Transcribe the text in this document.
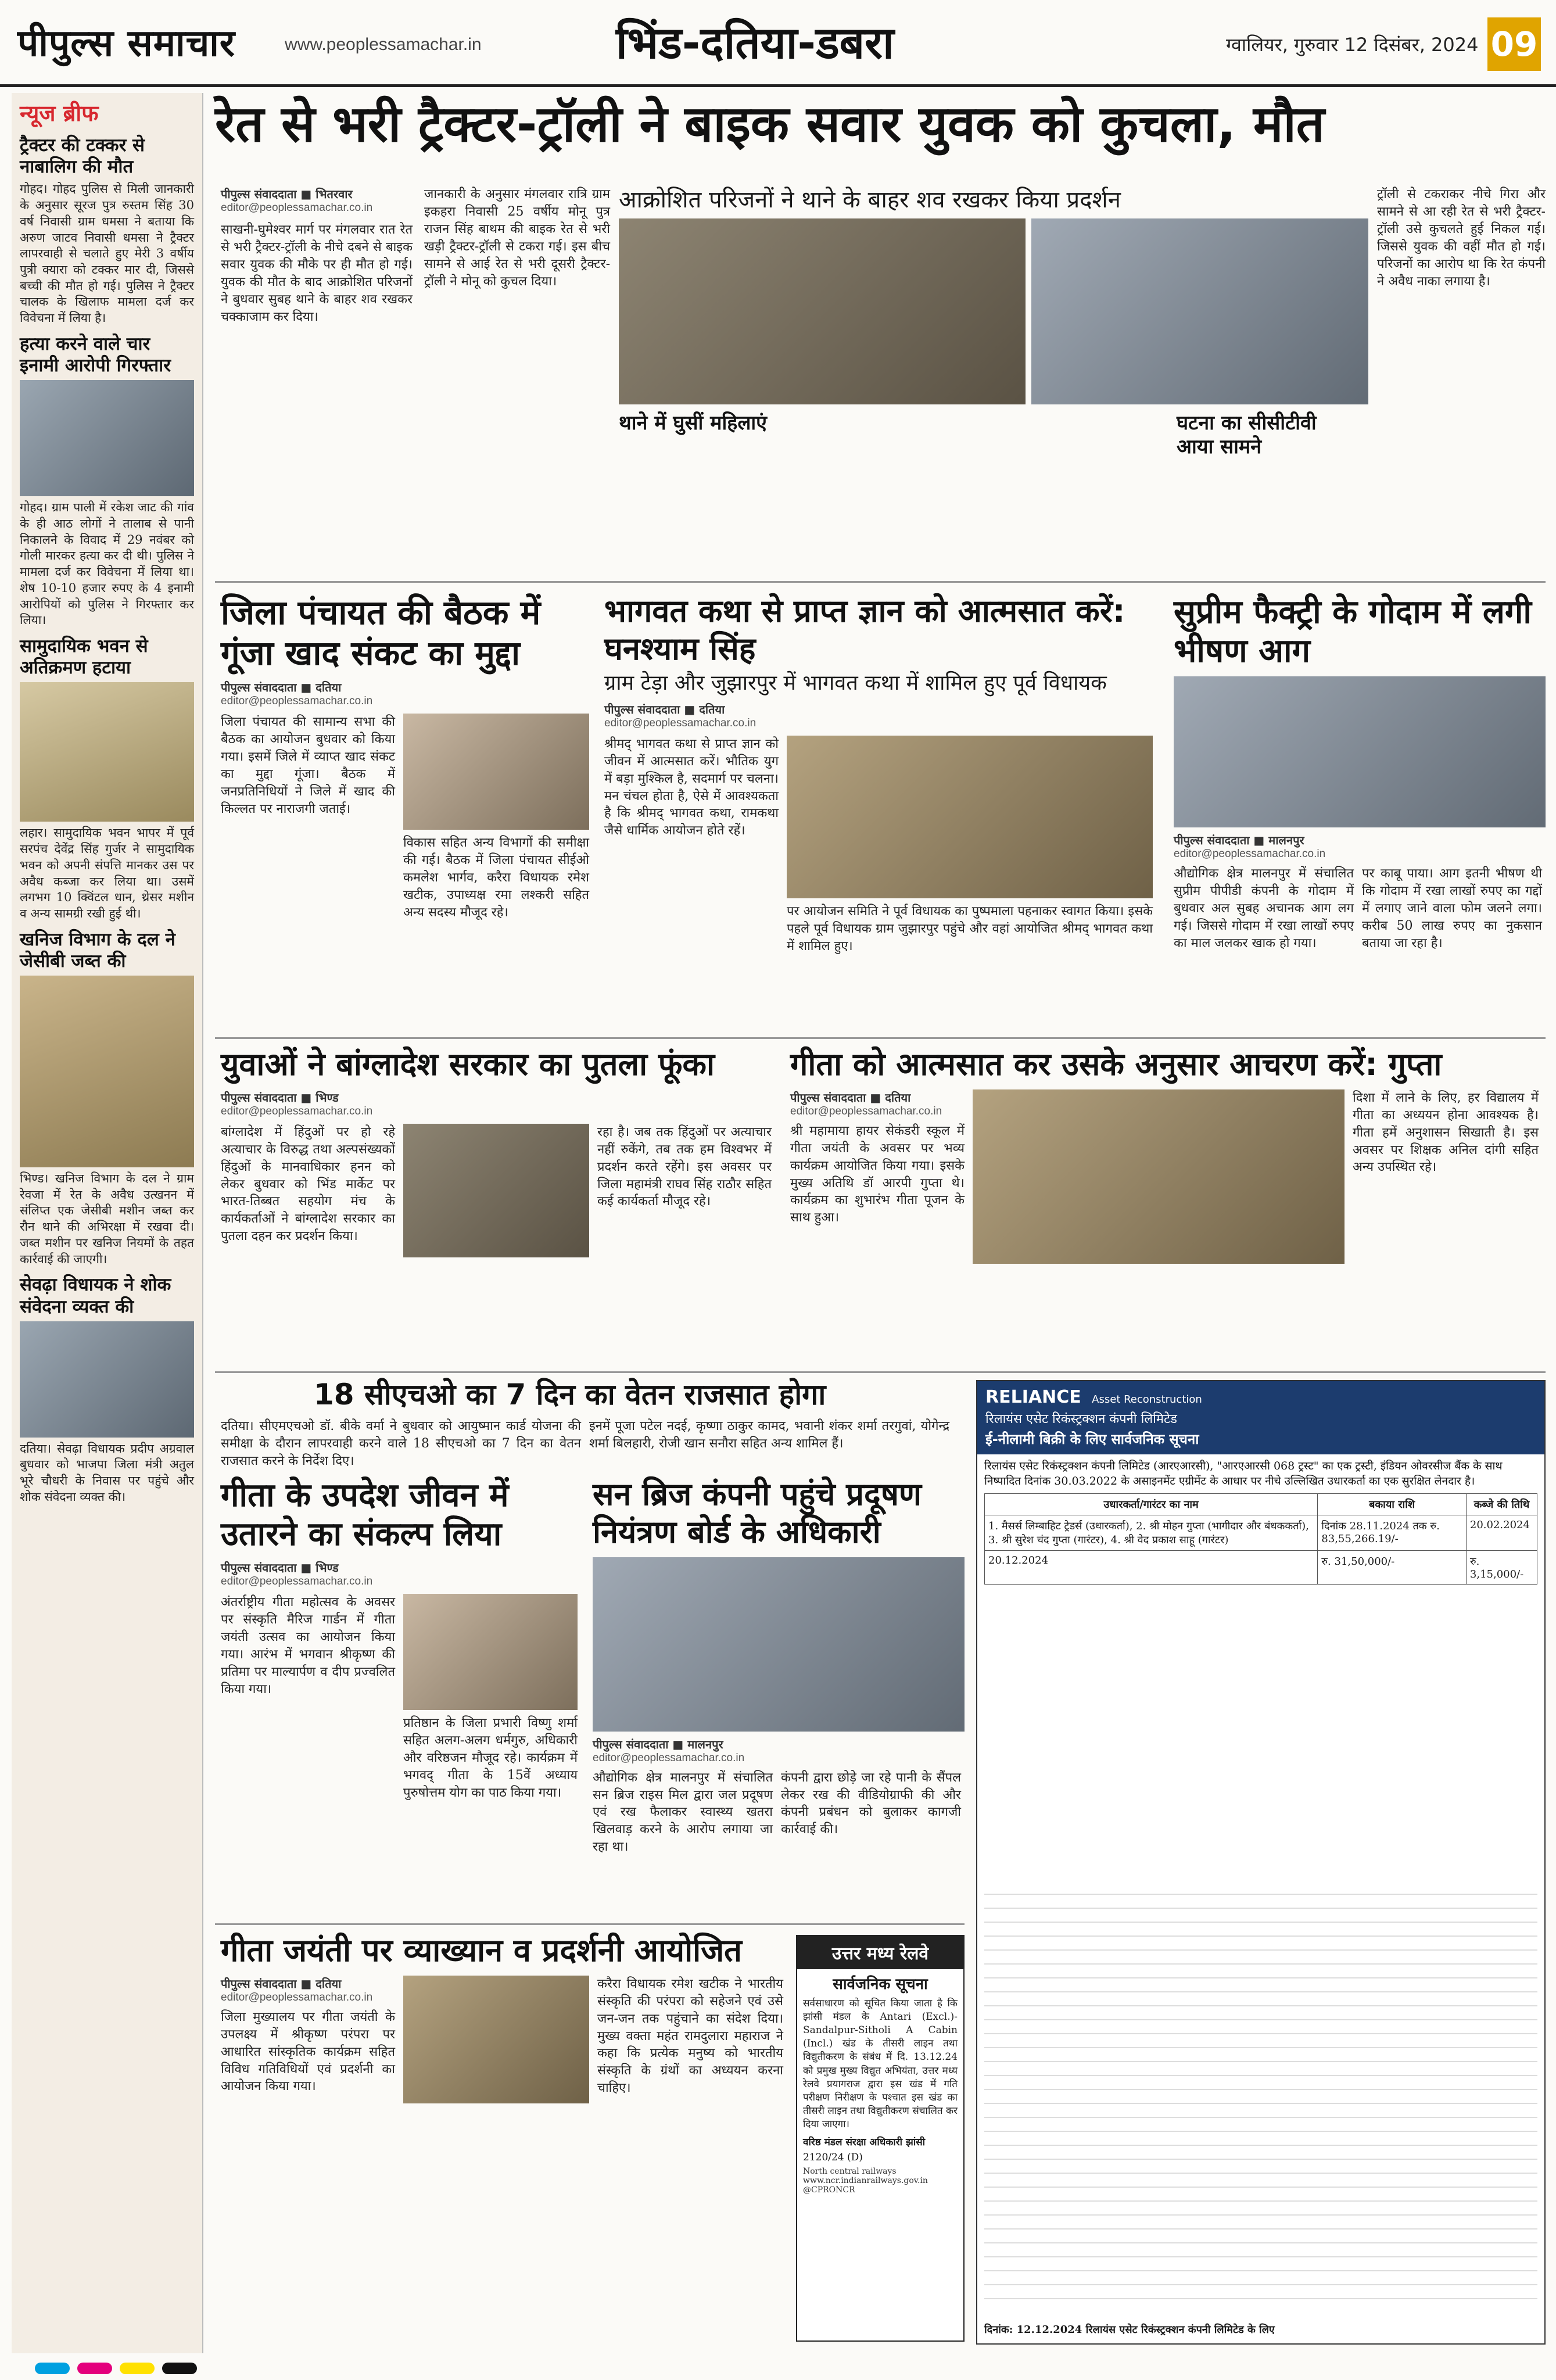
पीपुल्स समाचार	www.peoplessamachar.in	भिंड-दतिया-डबरा	ग्वालियर, गुरुवार 12 दिसंबर, 2024 09
न्यूज ब्रीफ
ट्रैक्टर की टक्कर से नाबालिग की मौत

गोहद। गोहद पुलिस से मिली जानकारी के अनुसार सूरज पुत्र रुस्तम सिंह 30 वर्ष निवासी ग्राम धमसा ने बताया कि अरुण जाटव निवासी धमसा ने ट्रैक्टर लापरवाही से चलाते हुए मेरी 3 वर्षीय पुत्री क्यारा को टक्कर मार दी, जिससे बच्ची की मौत हो गई। पुलिस ने ट्रैक्टर चालक के खिलाफ मामला दर्ज कर विवेचना में लिया है।

हत्या करने वाले चार इनामी आरोपी गिरफ्तार

गोहद। ग्राम पाली में रकेश जाट की गांव के ही आठ लोगों ने तालाब से पानी निकालने के विवाद में 29 नवंबर को गोली मारकर हत्या कर दी थी। पुलिस ने मामला दर्ज कर विवेचना में लिया था। शेष 10-10 हजार रुपए के 4 इनामी आरोपियों को पुलिस ने गिरफ्तार कर लिया।

सामुदायिक भवन से अतिक्रमण हटाया

लहार। सामुदायिक भवन भापर में पूर्व सरपंच देवेंद्र सिंह गुर्जर ने सामुदायिक भवन को अपनी संपत्ति मानकर उस पर अवैध कब्जा कर लिया था। उसमें लगभग 10 क्विंटल धान, थ्रेसर मशीन व अन्य सामग्री रखी हुई थी।

खनिज विभाग के दल ने जेसीबी जब्त की

भिण्ड। खनिज विभाग के दल ने ग्राम रेवजा में रेत के अवैध उत्खनन में संलिप्त एक जेसीबी मशीन जब्त कर रौन थाने की अभिरक्षा में रखवा दी। जब्त मशीन पर खनिज नियमों के तहत कार्रवाई की जाएगी।

सेवढ़ा विधायक ने शोक संवेदना व्यक्त की

दतिया। सेवढ़ा विधायक प्रदीप अग्रवाल बुधवार को भाजपा जिला मंत्री अतुल भूरे चौधरी के निवास पर पहुंचे और शोक संवेदना व्यक्त की।

रेत से भरी ट्रैक्टर-ट्रॉली ने बाइक सवार युवक को कुचला, मौत
पीपुल्स संवाददाता ■ भितरवार
editor@peoplessamachar.co.in

साखनी-घुमेश्वर मार्ग पर मंगलवार रात रेत से भरी ट्रैक्टर-ट्रॉली के नीचे दबने से बाइक सवार युवक की मौके पर ही मौत हो गई। युवक की मौत के बाद आक्रोशित परिजनों ने बुधवार सुबह थाने के बाहर शव रखकर चक्काजाम कर दिया।

जानकारी के अनुसार मंगलवार रात्रि ग्राम इकहरा निवासी 25 वर्षीय मोनू पुत्र राजन सिंह बाथम की बाइक रेत से भरी खड़ी ट्रैक्टर-ट्रॉली से टकरा गई। इस बीच सामने से आई रेत से भरी दूसरी ट्रैक्टर-ट्रॉली ने मोनू को कुचल दिया।

आक्रोशित परिजनों ने थाने के बाहर शव रखकर किया प्रदर्शन
थाने में घुसीं महिलाएं	घटना का सीसीटीवी आया सामने

ट्रॉली से टकराकर नीचे गिरा और सामने से आ रही रेत से भरी ट्रैक्टर-ट्रॉली उसे कुचलते हुई निकल गई। जिससे युवक की वहीं मौत हो गई। परिजनों का आरोप था कि रेत कंपनी ने अवैध नाका लगाया है।

जिला पंचायत की बैठक में गूंजा खाद संकट का मुद्दा
पीपुल्स संवाददाता ■ दतिया
editor@peoplessamachar.co.in

जिला पंचायत की सामान्य सभा की बैठक का आयोजन बुधवार को किया गया। इसमें जिले में व्याप्त खाद संकट का मुद्दा गूंजा। बैठक में जनप्रतिनिधियों ने जिले में खाद की किल्लत पर नाराजगी जताई।

विकास सहित अन्य विभागों की समीक्षा की गई। बैठक में जिला पंचायत सीईओ कमलेश भार्गव, करैरा विधायक रमेश खटीक, उपाध्यक्ष रमा लश्करी सहित अन्य सदस्य मौजूद रहे।

भागवत कथा से प्राप्त ज्ञान को आत्मसात करें: घनश्याम सिंह
ग्राम टेड़ा और जुझारपुर में भागवत कथा में शामिल हुए पूर्व विधायक
पीपुल्स संवाददाता ■ दतिया
editor@peoplessamachar.co.in

श्रीमद् भागवत कथा से प्राप्त ज्ञान को जीवन में आत्मसात करें। भौतिक युग में बड़ा मुश्किल है, सदमार्ग पर चलना। मन चंचल होता है, ऐसे में आवश्यकता है कि श्रीमद् भागवत कथा, रामकथा जैसे धार्मिक आयोजन होते रहें।

पर आयोजन समिति ने पूर्व विधायक का पुष्पमाला पहनाकर स्वागत किया। इसके पहले पूर्व विधायक ग्राम जुझारपुर पहुंचे और वहां आयोजित श्रीमद् भागवत कथा में शामिल हुए।

सुप्रीम फैक्ट्री के गोदाम में लगी भीषण आग
पीपुल्स संवाददाता ■ मालनपुर
editor@peoplessamachar.co.in

औद्योगिक क्षेत्र मालनपुर में संचालित सुप्रीम पीपीडी कंपनी के गोदाम में बुधवार अल सुबह अचानक आग लग गई। जिससे गोदाम में रखा लाखों रुपए का माल जलकर खाक हो गया।

पर काबू पाया। आग इतनी भीषण थी कि गोदाम में रखा लाखों रुपए का गद्दों में लगाए जाने वाला फोम जलने लगा। करीब 50 लाख रुपए का नुकसान बताया जा रहा है।

युवाओं ने बांग्लादेश सरकार का पुतला फूंका
पीपुल्स संवाददाता ■ भिण्ड
editor@peoplessamachar.co.in

बांग्लादेश में हिंदुओं पर हो रहे अत्याचार के विरुद्ध तथा अल्पसंख्यकों हिंदुओं के मानवाधिकार हनन को लेकर बुधवार को भिंड मार्केट पर भारत-तिब्बत सहयोग मंच के कार्यकर्ताओं ने बांग्लादेश सरकार का पुतला दहन कर प्रदर्शन किया।

रहा है। जब तक हिंदुओं पर अत्याचार नहीं रुकेंगे, तब तक हम विश्वभर में प्रदर्शन करते रहेंगे। इस अवसर पर जिला महामंत्री राघव सिंह राठौर सहित कई कार्यकर्ता मौजूद रहे।

गीता को आत्मसात कर उसके अनुसार आचरण करें: गुप्ता
पीपुल्स संवाददाता ■ दतिया
editor@peoplessamachar.co.in

श्री महामाया हायर सेकंडरी स्कूल में गीता जयंती के अवसर पर भव्य कार्यक्रम आयोजित किया गया। इसके मुख्य अतिथि डॉ आरपी गुप्ता थे। कार्यक्रम का शुभारंभ गीता पूजन के साथ हुआ।

दिशा में लाने के लिए, हर विद्यालय में गीता का अध्ययन होना आवश्यक है। गीता हमें अनुशासन सिखाती है। इस अवसर पर शिक्षक अनिल दांगी सहित अन्य उपस्थित रहे।

18 सीएचओ का 7 दिन का वेतन राजसात होगा

दतिया। सीएमएचओ डॉ. बीके वर्मा ने बुधवार को आयुष्मान कार्ड योजना की समीक्षा के दौरान लापरवाही करने वाले 18 सीएचओ का 7 दिन का वेतन राजसात करने के निर्देश दिए।

इनमें पूजा पटेल नदई, कृष्णा ठाकुर कामद, भवानी शंकर शर्मा तरगुवां, योगेन्द्र शर्मा बिलहारी, रोजी खान सनौरा सहित अन्य शामिल हैं।

गीता के उपदेश जीवन में उतारने का संकल्प लिया
पीपुल्स संवाददाता ■ भिण्ड
editor@peoplessamachar.co.in

अंतर्राष्ट्रीय गीता महोत्सव के अवसर पर संस्कृति मैरिज गार्डन में गीता जयंती उत्सव का आयोजन किया गया। आरंभ में भगवान श्रीकृष्ण की प्रतिमा पर माल्यार्पण व दीप प्रज्वलित किया गया।

प्रतिष्ठान के जिला प्रभारी विष्णु शर्मा सहित अलग-अलग धर्मगुरु, अधिकारी और वरिष्ठजन मौजूद रहे। कार्यक्रम में भगवद् गीता के 15वें अध्याय पुरुषोत्तम योग का पाठ किया गया।

सन ब्रिज कंपनी पहुंचे प्रदूषण नियंत्रण बोर्ड के अधिकारी
पीपुल्स संवाददाता ■ मालनपुर
editor@peoplessamachar.co.in

औद्योगिक क्षेत्र मालनपुर में संचालित सन ब्रिज राइस मिल द्वारा जल प्रदूषण एवं रख फैलाकर स्वास्थ्य खतरा खिलवाड़ करने के आरोप लगाया जा रहा था।

कंपनी द्वारा छोड़े जा रहे पानी के सैंपल लेकर रख की वीडियोग्राफी की और कंपनी प्रबंधन को बुलाकर कागजी कार्रवाई की।

गीता जयंती पर व्याख्यान व प्रदर्शनी आयोजित
पीपुल्स संवाददाता ■ दतिया
editor@peoplessamachar.co.in

जिला मुख्यालय पर गीता जयंती के उपलक्ष्य में श्रीकृष्ण परंपरा पर आधारित सांस्कृतिक कार्यक्रम सहित विविध गतिविधियों एवं प्रदर्शनी का आयोजन किया गया।

करैरा विधायक रमेश खटीक ने भारतीय संस्कृति की परंपरा को सहेजने एवं उसे जन-जन तक पहुंचाने का संदेश दिया। मुख्य वक्ता महंत रामदुलारा महाराज ने कहा कि प्रत्येक मनुष्य को भारतीय संस्कृति के ग्रंथों का अध्ययन करना चाहिए।

उत्तर मध्य रेलवे
सार्वजनिक सूचना

सर्वसाधारण को सूचित किया जाता है कि झांसी मंडल के Antari (Excl.)- Sandalpur-Sitholi A Cabin (Incl.) खंड के तीसरी लाइन तथा विद्युतीकरण के संबंध में दि. 13.12.24 को प्रमुख मुख्य विद्युत अभियंता, उत्तर मध्य रेलवे प्रयागराज द्वारा इस खंड में गति परीक्षण निरीक्षण के पश्चात इस खंड का तीसरी लाइन तथा विद्युतीकरण संचालित कर दिया जाएगा।

वरिष्ठ मंडल संरक्षा अधिकारी झांसी
2120/24 (D)
North central railways www.ncr.indianrailways.gov.in @CPRONCR
RELIANCE Asset Reconstruction
रिलायंस एसेट रिकंस्ट्रक्शन कंपनी लिमिटेड
ई-नीलामी बिक्री के लिए सार्वजनिक सूचना

रिलायंस एसेट रिकंस्ट्रक्शन कंपनी लिमिटेड (आरएआरसी), "आरएआरसी 068 ट्रस्ट" का एक ट्रस्टी, इंडियन ओवरसीज बैंक के साथ निष्पादित दिनांक 30.03.2022 के असाइनमेंट एग्रीमेंट के आधार पर नीचे उल्लिखित उधारकर्ता का एक सुरक्षित लेनदार है।

उधारकर्ता/गारंटर का नाम	बकाया राशि	कब्जे की तिथि
1. मैसर्स लिम्बाहिट ट्रेडर्स (उधारकर्ता), 2. श्री मोहन गुप्ता (भागीदार और बंधककर्ता), 3. श्री सुरेश चंद गुप्ता (गारंटर), 4. श्री वेद प्रकाश साहू (गारंटर)	दिनांक 28.11.2024 तक रु. 83,55,266.19/-	20.02.2024
20.12.2024	रु. 31,50,000/-	रु. 3,15,000/-
दिनांक: 12.12.2024 रिलायंस एसेट रिकंस्ट्रक्शन कंपनी लिमिटेड के लिए
